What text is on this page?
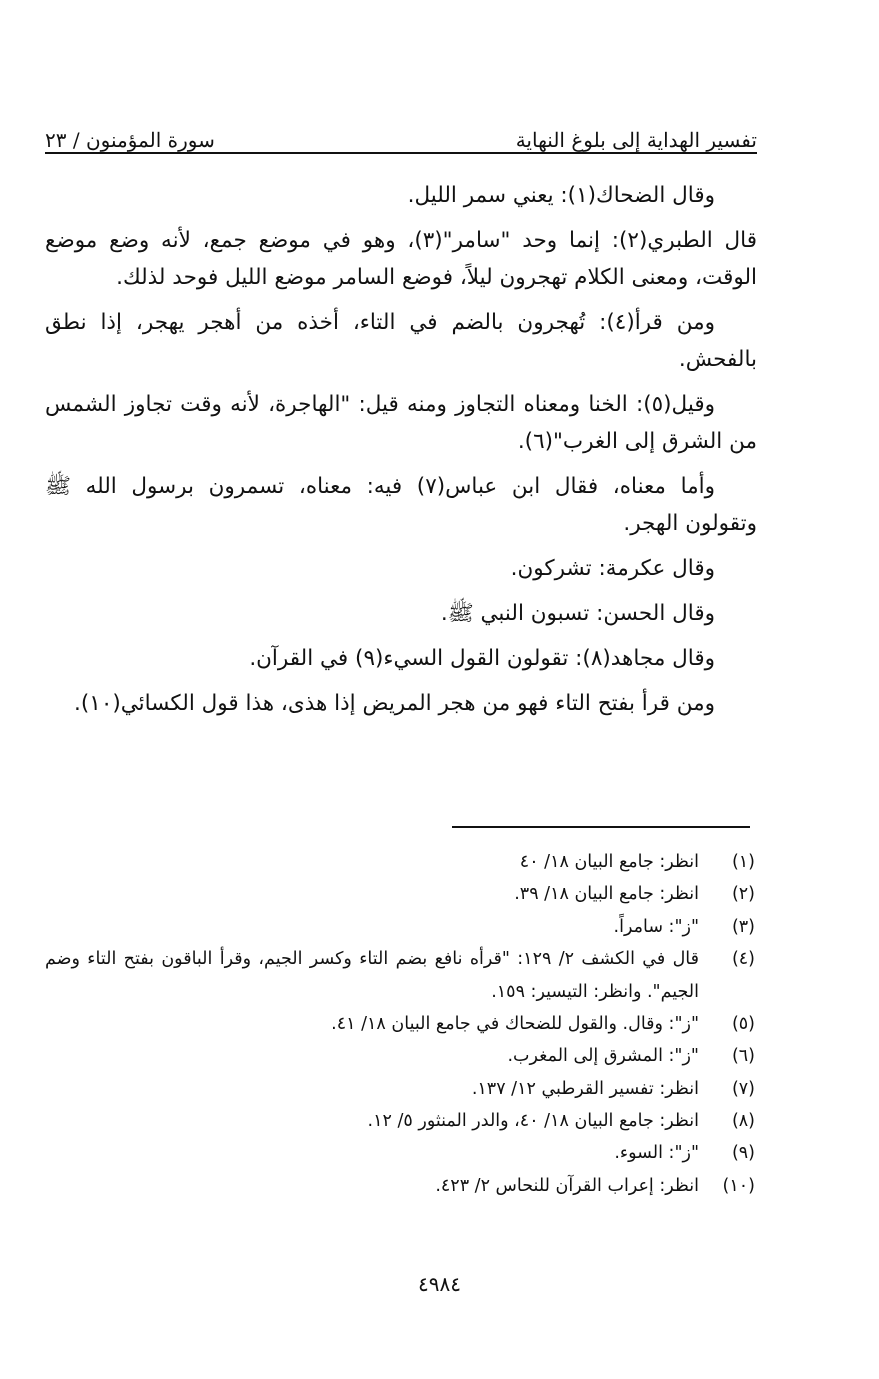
تفسير الهداية إلى بلوغ النهاية
سورة المؤمنون / ٢٣

وقال الضحاك(١): يعني سمر الليل.

قال الطبري(٢): إنما وحد "سامر"(٣)، وهو في موضع جمع، لأنه وضع موضع الوقت، ومعنى الكلام تهجرون ليلاً، فوضع السامر موضع الليل فوحد لذلك.

ومن قرأ(٤): تُهجرون بالضم في التاء، أخذه من أهجر يهجر، إذا نطق بالفحش.

وقيل(٥): الخنا ومعناه التجاوز ومنه قيل: "الهاجرة، لأنه وقت تجاوز الشمس من الشرق إلى الغرب"(٦).

وأما معناه، فقال ابن عباس(٧) فيه: معناه، تسمرون برسول الله ﷺ وتقولون الهجر.

وقال عكرمة: تشركون.

وقال الحسن: تسبون النبي ﷺ.

وقال مجاهد(٨): تقولون القول السيء(٩) في القرآن.

ومن قرأ بفتح التاء فهو من هجر المريض إذا هذى، هذا قول الكسائي(١٠).

(١)
انظر: جامع البيان ١٨/ ٤٠
(٢)
انظر: جامع البيان ١٨/ ٣٩.
(٣)
"ز": سامراً.
(٤)
قال في الكشف ٢/ ١٢٩: "قرأه نافع بضم التاء وكسر الجيم، وقرأ الباقون بفتح التاء وضم الجيم". وانظر: التيسير: ١٥٩.
(٥)
"ز": وقال. والقول للضحاك في جامع البيان ١٨/ ٤١.
(٦)
"ز": المشرق إلى المغرب.
(٧)
انظر: تفسير القرطبي ١٢/ ١٣٧.
(٨)
انظر: جامع البيان ١٨/ ٤٠، والدر المنثور ٥/ ١٢.
(٩)
"ز": السوء.
(١٠)
انظر: إعراب القرآن للنحاس ٢/ ٤٢٣.
٤٩٨٤
